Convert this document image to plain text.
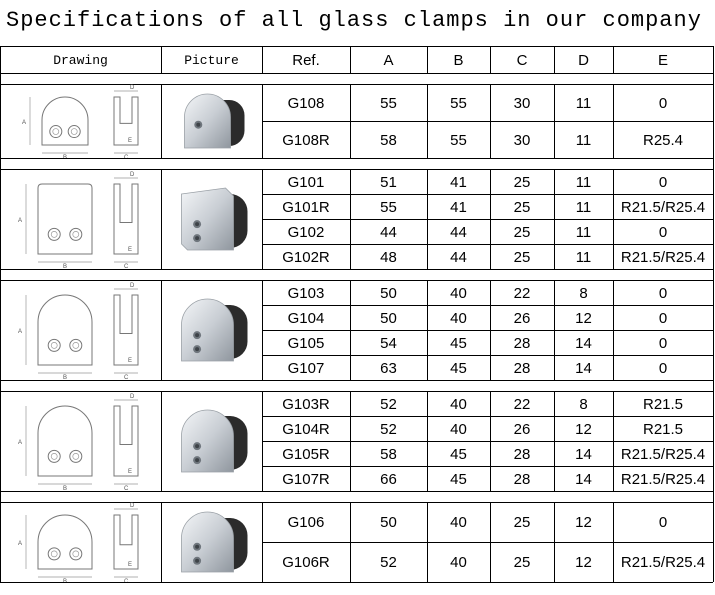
Specifications of all glass clamps in our company
Drawing	Picture	Ref.	A	B	C	D	E
A
B
D
C
E
G108	55	55	30	11	0
G108R	58	55	30	11	R25.4
A
B
D
C
E
G101	51	41	25	11	0
G101R	55	41	25	11	R21.5/R25.4
G102	44	44	25	11	0
G102R	48	44	25	11	R21.5/R25.4
A
B
D
C
E
G103	50	40	22	8	0
G104	50	40	26	12	0
G105	54	45	28	14	0
G107	63	45	28	14	0
A
B
D
C
E
G103R	52	40	22	8	R21.5
G104R	52	40	26	12	R21.5
G105R	58	45	28	14	R21.5/R25.4
G107R	66	45	28	14	R21.5/R25.4
A
B
D
C
E
G106	50	40	25	12	0
G106R	52	40	25	12	R21.5/R25.4
